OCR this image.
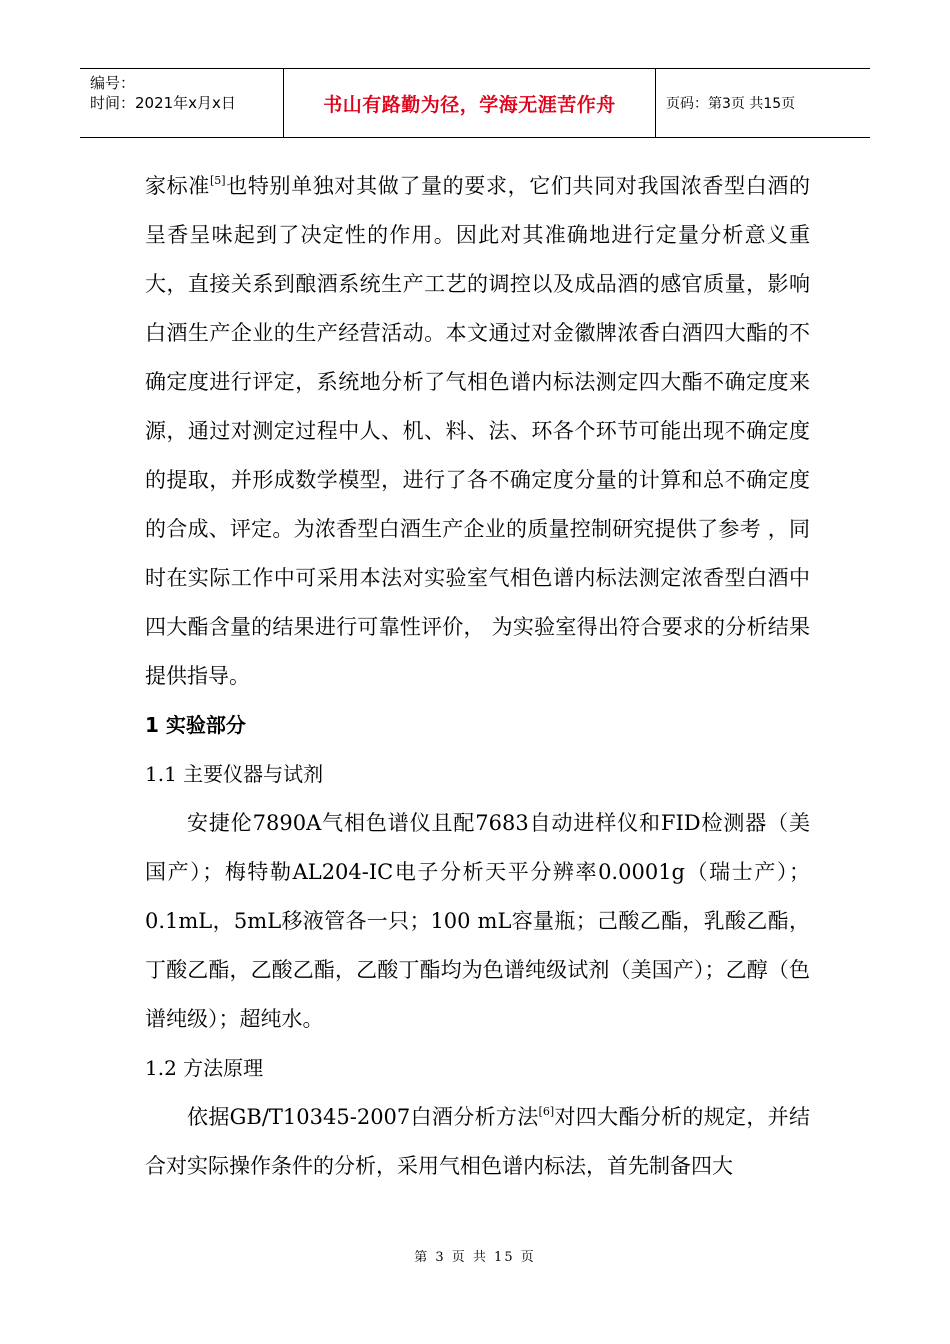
编号：
时间：2021年x月x日	书山有路勤为径，学海无涯苦作舟	页码：第3页 共15页

家标准[5]也特别单独对其做了量的要求，它们共同对我国浓香型白酒的呈香呈味起到了决定性的作用。因此对其准确地进行定量分析意义重大，直接关系到酿酒系统生产工艺的调控以及成品酒的感官质量，影响白酒生产企业的生产经营活动。本文通过对金徽牌浓香白酒四大酯的不确定度进行评定，系统地分析了气相色谱内标法测定四大酯不确定度来源，通过对测定过程中人、机、料、法、环各个环节可能出现不确定度的提取，并形成数学模型，进行了各不确定度分量的计算和总不确定度的合成、评定。为浓香型白酒生产企业的质量控制研究提供了参考 ，同时在实际工作中可采用本法对实验室气相色谱内标法测定浓香型白酒中四大酯含量的结果进行可靠性评价， 为实验室得出符合要求的分析结果提供指导。

1 实验部分

1.1 主要仪器与试剂

安捷伦7890A气相色谱仪且配7683自动进样仪和FID检测器（美国产）；梅特勒AL204-IC电子分析天平分辨率0.0001g（瑞士产）；0.1mL，5mL移液管各一只；100 mL容量瓶；己酸乙酯，乳酸乙酯，丁酸乙酯，乙酸乙酯，乙酸丁酯均为色谱纯级试剂（美国产）；乙醇（色谱纯级）；超纯水。

1.2 方法原理

依据GB/T10345-2007白酒分析方法[6]对四大酯分析的规定，并结合对实际操作条件的分析，采用气相色谱内标法，首先制备四大

第 3 页 共 15 页
